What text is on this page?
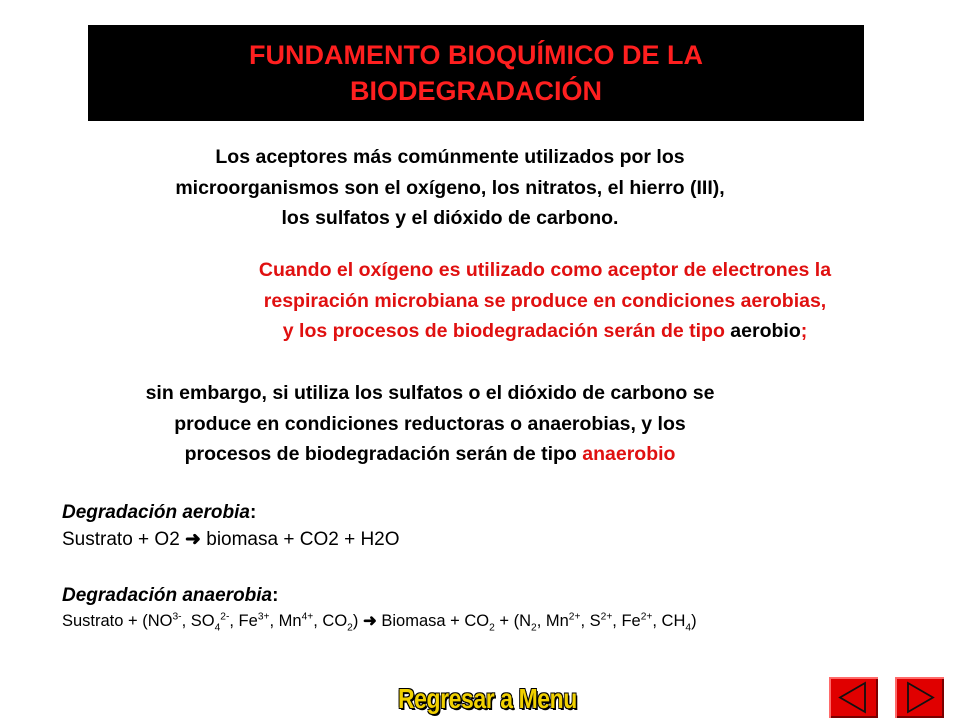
FUNDAMENTO BIOQUÍMICO DE LA
BIODEGRADACIÓN

Los aceptores más comúnmente utilizados por los
microorganismos son el oxígeno, los nitratos, el hierro (III),
los sulfatos y el dióxido de carbono.

Cuando el oxígeno es utilizado como aceptor de electrones la
respiración microbiana se produce en condiciones aerobias,
y los procesos de biodegradación serán de tipo aerobio;

sin embargo, si utiliza los sulfatos o el dióxido de carbono se
produce en condiciones reductoras o anaerobias, y los
procesos de biodegradación serán de tipo anaerobio

Degradación aerobia:
Sustrato + O2 ➜ biomasa + CO2 + H2O
Degradación anaerobia:
Sustrato + ($NO^{3-}$, $SO_4^{2-}$, $Fe^{3+}$, $Mn^{4+}$, $CO_2$) ➜ Biomasa + $CO_2 + (N_2$, $Mn^{2+}$, $S^{2+}$, $Fe^{2+}$, $CH_4$)
Regresar a Menu
